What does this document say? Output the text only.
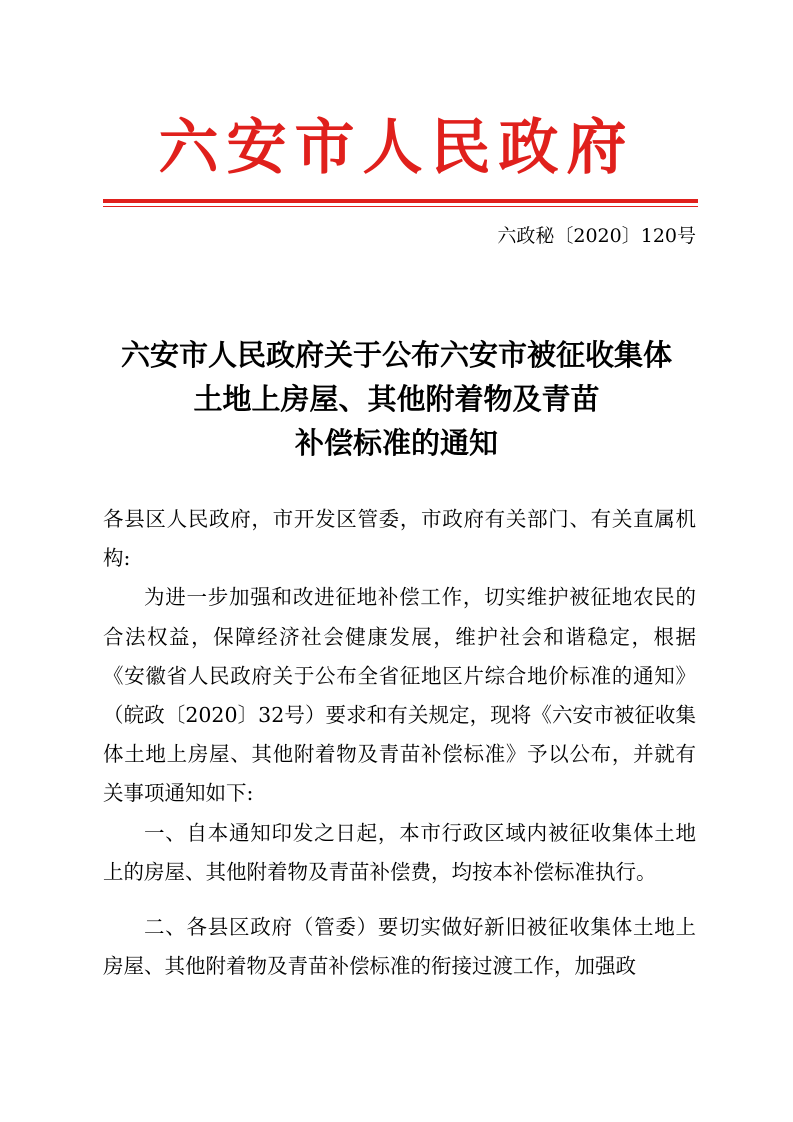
六安市人民政府
六政秘〔2020〕120号
六安市人民政府关于公布六安市被征收集体
土地上房屋、其他附着物及青苗
补偿标准的通知

各县区人民政府，市开发区管委，市政府有关部门、有关直属机构:

为进一步加强和改进征地补偿工作，切实维护被征地农民的合法权益，保障经济社会健康发展，维护社会和谐稳定，根据《安徽省人民政府关于公布全省征地区片综合地价标准的通知》（皖政〔2020〕32号）要求和有关规定，现将《六安市被征收集体土地上房屋、其他附着物及青苗补偿标准》予以公布，并就有关事项通知如下:

一、自本通知印发之日起，本市行政区域内被征收集体土地上的房屋、其他附着物及青苗补偿费，均按本补偿标准执行。

二、各县区政府（管委）要切实做好新旧被征收集体土地上房屋、其他附着物及青苗补偿标准的衔接过渡工作，加强政
